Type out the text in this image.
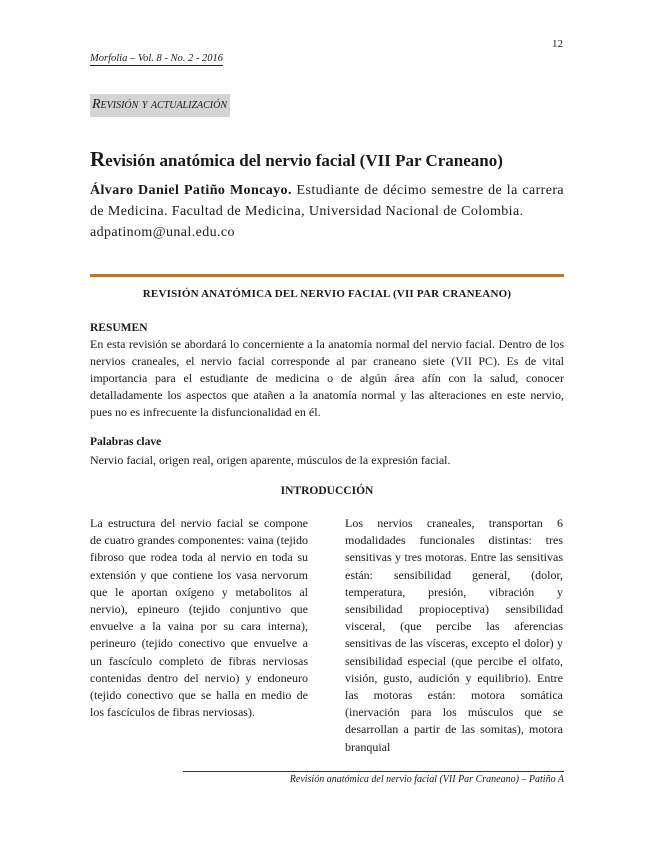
12
Morfolia – Vol. 8 - No. 2 - 2016
Revisión y actualización
Revisión anatómica del nervio facial (VII Par Craneano)
Álvaro Daniel Patiño Moncayo. Estudiante de décimo semestre de la carrera de Medicina. Facultad de Medicina, Universidad Nacional de Colombia.
adpatinom@unal.edu.co
REVISIÓN ANATÓMICA DEL NERVIO FACIAL (VII PAR CRANEANO)
RESUMEN
En esta revisión se abordará lo concerniente a la anatomía normal del nervio facial. Dentro de los nervios craneales, el nervio facial corresponde al par craneano siete (VII PC). Es de vital importancia para el estudiante de medicina o de algún área afín con la salud, conocer detalladamente los aspectos que atañen a la anatomía normal y las alteraciones en este nervio, pues no es infrecuente la disfuncionalidad en él.
Palabras clave
Nervio facial, origen real, origen aparente, músculos de la expresión facial.
INTRODUCCIÓN
La estructura del nervio facial se compone de cuatro grandes componentes: vaina (tejido fibroso que rodea toda al nervio en toda su extensión y que contiene los vasa nervorum que le aportan oxígeno y metabolitos al nervio), epineuro (tejido conjuntivo que envuelve a la vaina por su cara interna), perineuro (tejido conectivo que envuelve a un fascículo completo de fibras nerviosas contenidas dentro del nervio) y endoneuro (tejido conectivo que se halla en medio de los fascículos de fibras nerviosas).
Los nervios craneales, transportan 6 modalidades funcionales distintas: tres sensitivas y tres motoras. Entre las sensitivas están: sensibilidad general, (dolor, temperatura, presión, vibración y sensibilidad propioceptiva) sensibilidad visceral, (que percibe las aferencias sensitivas de las vísceras, excepto el dolor) y sensibilidad especial (que percibe el olfato, visión, gusto, audición y equilibrio). Entre las motoras están: motora somática (inervación para los músculos que se desarrollan a partir de las somitas), motora branquial
Revisión anatómica del nervio facial (VII Par Craneano) – Patiño A
